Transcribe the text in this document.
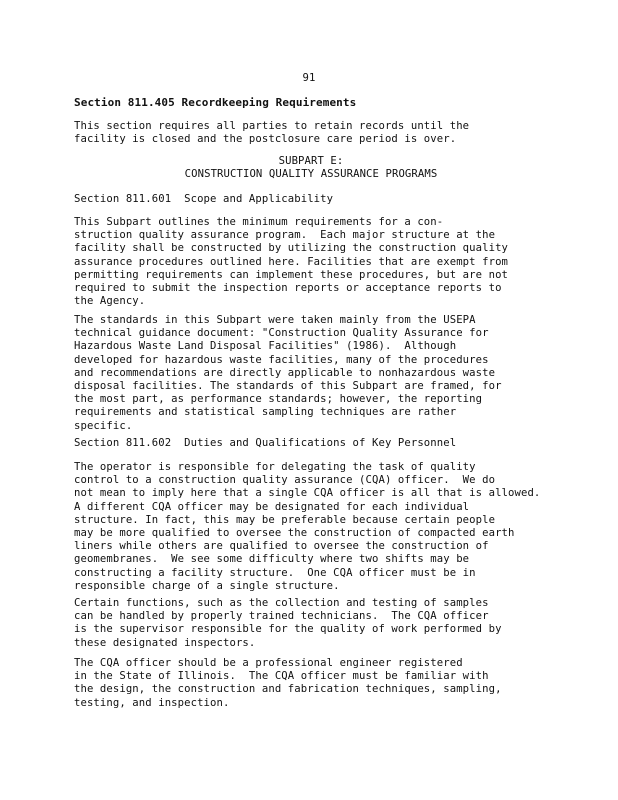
91
Section 811.405 Recordkeeping Requirements
This section requires all parties to retain records until the
facility is closed and the postclosure care period is over.
SUBPART E:
CONSTRUCTION QUALITY ASSURANCE PROGRAMS
Section 811.601  Scope and Applicability
This Subpart outlines the minimum requirements for a con-
struction quality assurance program.  Each major structure at the
facility shall be constructed by utilizing the construction quality
assurance procedures outlined here. Facilities that are exempt from
permitting requirements can implement these procedures, but are not
required to submit the inspection reports or acceptance reports to
the Agency.
The standards in this Subpart were taken mainly from the USEPA
technical guidance document: "Construction Quality Assurance for
Hazardous Waste Land Disposal Facilities" (1986).  Although
developed for hazardous waste facilities, many of the procedures
and recommendations are directly applicable to nonhazardous waste
disposal facilities. The standards of this Subpart are framed, for
the most part, as performance standards; however, the reporting
requirements and statistical sampling techniques are rather
specific.
Section 811.602  Duties and Qualifications of Key Personnel
The operator is responsible for delegating the task of quality
control to a construction quality assurance (CQA) officer.  We do
not mean to imply here that a single CQA officer is all that is allowed.
A different CQA officer may be designated for each individual
structure. In fact, this may be preferable because certain people
may be more qualified to oversee the construction of compacted earth
liners while others are qualified to oversee the construction of
geomembranes.  We see some difficulty where two shifts may be
constructing a facility structure.  One CQA officer must be in
responsible charge of a single structure.
Certain functions, such as the collection and testing of samples
can be handled by properly trained technicians.  The CQA officer
is the supervisor responsible for the quality of work performed by
these designated inspectors.
The CQA officer should be a professional engineer registered
in the State of Illinois.  The CQA officer must be familiar with
the design, the construction and fabrication techniques, sampling,
testing, and inspection.
